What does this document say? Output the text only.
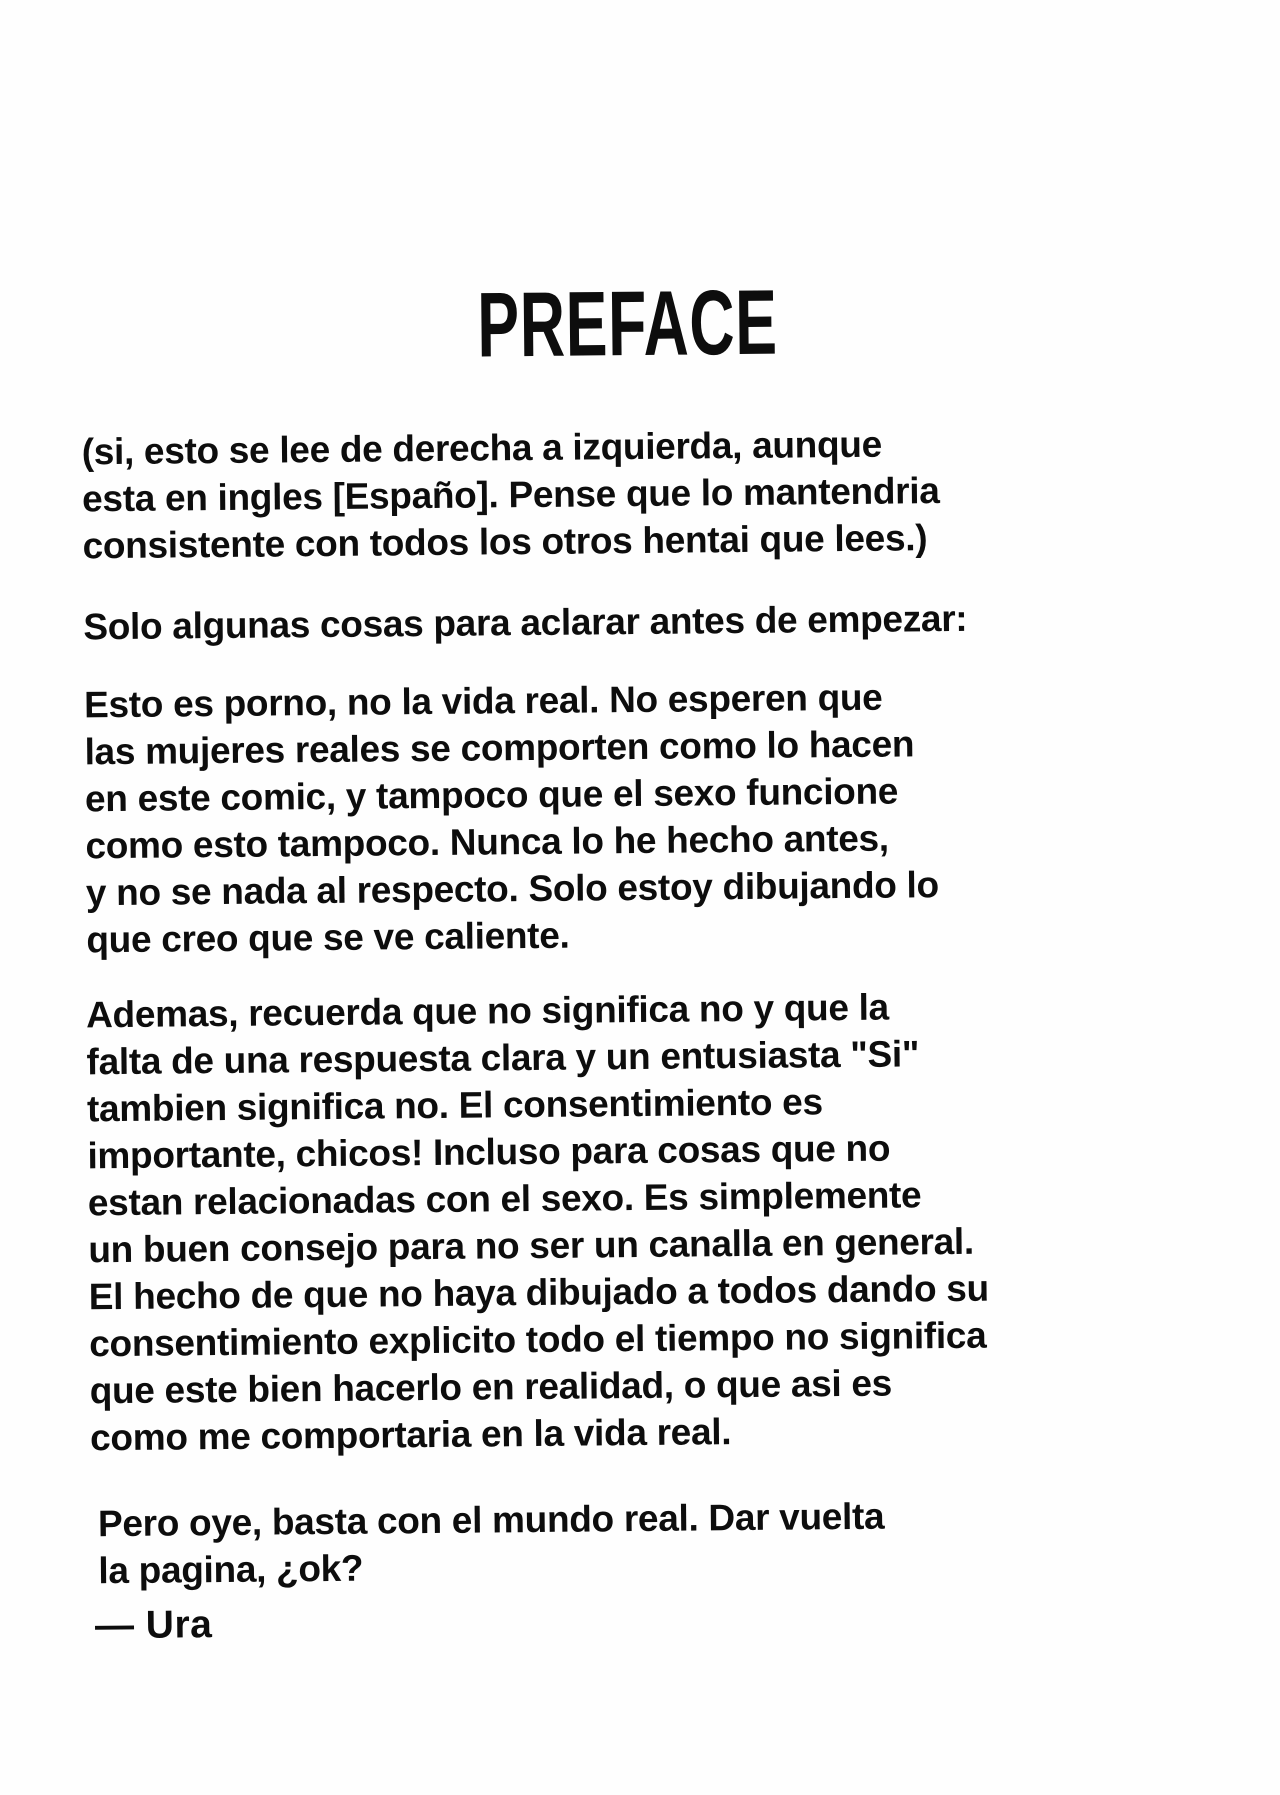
PREFACE

(si, esto se lee de derecha a izquierda, aunque
esta en ingles [Españo]. Pense que lo mantendria
consistente con todos los otros hentai que lees.)

Solo algunas cosas para aclarar antes de empezar:

Esto es porno, no la vida real. No esperen que
las mujeres reales se comporten como lo hacen
en este comic, y tampoco que el sexo funcione
como esto tampoco. Nunca lo he hecho antes,
y no se nada al respecto. Solo estoy dibujando lo
que creo que se ve caliente.

Ademas, recuerda que no significa no y que la
falta de una respuesta clara y un entusiasta "Si"
tambien significa no. El consentimiento es
importante, chicos! Incluso para cosas que no
estan relacionadas con el sexo. Es simplemente
un buen consejo para no ser un canalla en general.
El hecho de que no haya dibujado a todos dando su
consentimiento explicito todo el tiempo no significa
que este bien hacerlo en realidad, o que asi es
como me comportaria en la vida real.

Pero oye, basta con el mundo real. Dar vuelta
la pagina, ¿ok?

— Ura
